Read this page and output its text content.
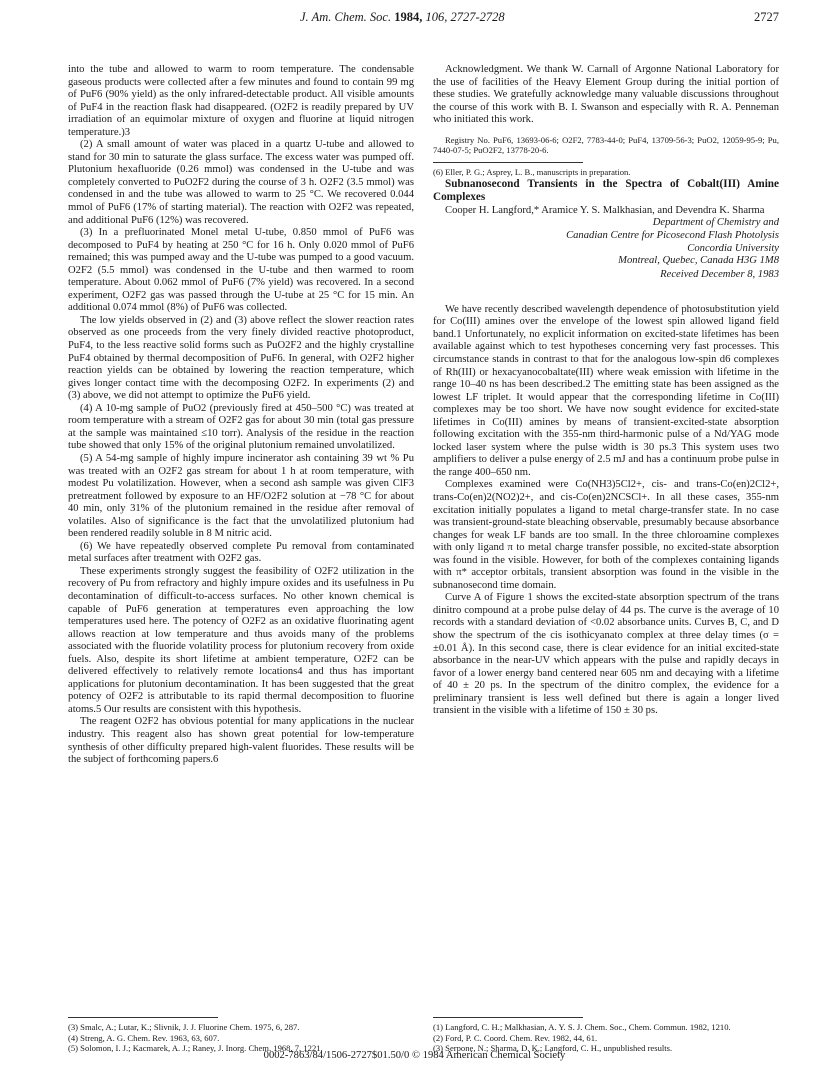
J. Am. Chem. Soc. 1984, 106, 2727-2728	2727

into the tube and allowed to warm to room temperature. The condensable gaseous products were collected after a few minutes and found to contain 99 mg of PuF6 (90% yield) as the only infrared-detectable product. All visible amounts of PuF4 in the reaction flask had disappeared. (O2F2 is readily prepared by UV irradiation of an equimolar mixture of oxygen and fluorine at liquid nitrogen temperature.)3

(2) A small amount of water was placed in a quartz U-tube and allowed to stand for 30 min to saturate the glass surface. The excess water was pumped off. Plutonium hexafluoride (0.26 mmol) was condensed in the U-tube and was completely converted to PuO2F2 during the course of 3 h. O2F2 (3.5 mmol) was condensed in and the tube was allowed to warm to 25 °C. We recovered 0.044 mmol of PuF6 (17% of starting material). The reaction with O2F2 was repeated, and additional PuF6 (12%) was recovered.

(3) In a prefluorinated Monel metal U-tube, 0.850 mmol of PuF6 was decomposed to PuF4 by heating at 250 °C for 16 h. Only 0.020 mmol of PuF6 remained; this was pumped away and the U-tube was pumped to a good vacuum. O2F2 (5.5 mmol) was condensed in the U-tube and then warmed to room temperature. About 0.062 mmol of PuF6 (7% yield) was recovered. In a second experiment, O2F2 gas was passed through the U-tube at 25 °C for 15 min. An additional 0.074 mmol (8%) of PuF6 was collected.

The low yields observed in (2) and (3) above reflect the slower reaction rates observed as one proceeds from the very finely divided reactive photoproduct, PuF4, to the less reactive solid forms such as PuO2F2 and the highly crystalline PuF4 obtained by thermal decomposition of PuF6. In general, with O2F2 higher reaction yields can be obtained by lowering the reaction temperature, which gives longer contact time with the decomposing O2F2. In experiments (2) and (3) above, we did not attempt to optimize the PuF6 yield.

(4) A 10-mg sample of PuO2 (previously fired at 450–500 °C) was treated at room temperature with a stream of O2F2 gas for about 30 min (total gas pressure at the sample was maintained ≤10 torr). Analysis of the residue in the reaction tube showed that only 15% of the original plutonium remained unvolatilized.

(5) A 54-mg sample of highly impure incinerator ash containing 39 wt % Pu was treated with an O2F2 gas stream for about 1 h at room temperature, with modest Pu volatilization. However, when a second ash sample was given ClF3 pretreatment followed by exposure to an HF/O2F2 solution at −78 °C for about 40 min, only 31% of the plutonium remained in the residue after removal of volatiles. Also of significance is the fact that the unvolatilized plutonium had been rendered readily soluble in 8 M nitric acid.

(6) We have repeatedly observed complete Pu removal from contaminated metal surfaces after treatment with O2F2 gas.

These experiments strongly suggest the feasibility of O2F2 utilization in the recovery of Pu from refractory and highly impure oxides and its usefulness in Pu decontamination of difficult-to-access surfaces. No other known chemical is capable of PuF6 generation at temperatures even approaching the low temperatures used here. The potency of O2F2 as an oxidative fluorinating agent allows reaction at low temperature and thus avoids many of the problems associated with the fluoride volatility process for plutonium recovery from oxide fuels. Also, despite its short lifetime at ambient temperature, O2F2 can be delivered effectively to relatively remote locations4 and thus has important applications for plutonium decontamination. It has been suggested that the great potency of O2F2 is attributable to its rapid thermal decomposition to fluorine atoms.5 Our results are consistent with this hypothesis.

The reagent O2F2 has obvious potential for many applications in the nuclear industry. This reagent also has shown great potential for low-temperature synthesis of other difficulty prepared high-valent fluorides. These results will be the subject of forthcoming papers.6

(3) Smalc, A.; Lutar, K.; Slivnik, J. J. Fluorine Chem. 1975, 6, 287.
(4) Streng, A. G. Chem. Rev. 1963, 63, 607.
(5) Solomon, I. J.; Kacmarek, A. J.; Raney, J. Inorg. Chem. 1968, 7, 1221.

Acknowledgment. We thank W. Carnall of Argonne National Laboratory for the use of facilities of the Heavy Element Group during the initial portion of these studies. We gratefully acknowledge many valuable discussions throughout the course of this work with B. I. Swanson and especially with R. A. Penneman who initiated this work.

Registry No. PuF6, 13693-06-6; O2F2, 7783-44-0; PuF4, 13709-56-3; PuO2, 12059-95-9; Pu, 7440-07-5; PuO2F2, 13778-20-6.

(6) Eller, P. G.; Asprey, L. B., manuscripts in preparation.

Subnanosecond Transients in the Spectra of Cobalt(III) Amine Complexes

Cooper H. Langford,* Aramice Y. S. Malkhasian, and Devendra K. Sharma

Department of Chemistry and
Canadian Centre for Picosecond Flash Photolysis
Concordia University
Montreal, Quebec, Canada H3G 1M8
Received December 8, 1983

We have recently described wavelength dependence of photosubstitution yield for Co(III) amines over the envelope of the lowest spin allowed ligand field band.1 Unfortunately, no explicit information on excited-state lifetimes has been available against which to test hypotheses concerning very fast processes. This circumstance stands in contrast to that for the analogous low-spin d6 complexes of Rh(III) or hexacyanocobaltate(III) where weak emission with lifetime in the range 10–40 ns has been described.2 The emitting state has been assigned as the lowest LF triplet. It would appear that the corresponding lifetime in Co(III) complexes may be too short. We have now sought evidence for excited-state lifetimes in Co(III) amines by means of transient-excited-state absorption following excitation with the 355-nm third-harmonic pulse of a Nd/YAG mode locked laser system where the pulse width is 30 ps.3 This system uses two amplifiers to deliver a pulse energy of 2.5 mJ and has a continuum probe pulse in the range 400–650 nm.

Complexes examined were Co(NH3)5Cl2+, cis- and trans-Co(en)2Cl2+, trans-Co(en)2(NO2)2+, and cis-Co(en)2NCSCl+. In all these cases, 355-nm excitation initially populates a ligand to metal charge-transfer state. In no case was transient-ground-state bleaching observable, presumably because absorbance changes for weak LF bands are too small. In the three chloroamine complexes with only ligand π to metal charge transfer possible, no excited-state absorption was found in the visible. However, for both of the complexes containing ligands with π* acceptor orbitals, transient absorption was found in the visible in the subnanosecond time domain.

Curve A of Figure 1 shows the excited-state absorption spectrum of the trans dinitro compound at a probe pulse delay of 44 ps. The curve is the average of 10 records with a standard deviation of <0.02 absorbance units. Curves B, C, and D show the spectrum of the cis isothicyanato complex at three delay times (σ = ±0.01 Å). In this second case, there is clear evidence for an initial excited-state absorbance in the near-UV which appears with the pulse and rapidly decays in favor of a lower energy band centered near 605 nm and decaying with a lifetime of 40 ± 20 ps. In the spectrum of the dinitro complex, the evidence for a preliminary transient is less well defined but there is again a longer lived transient in the visible with a lifetime of 150 ± 30 ps.

(1) Langford, C. H.; Malkhasian, A. Y. S. J. Chem. Soc., Chem. Commun. 1982, 1210.
(2) Ford, P. C. Coord. Chem. Rev. 1982, 44, 61.
(3) Serpone, N.; Sharma, D. K.; Langford, C. H., unpublished results.
0002-7863/84/1506-2727$01.50/0 © 1984 American Chemical Society
